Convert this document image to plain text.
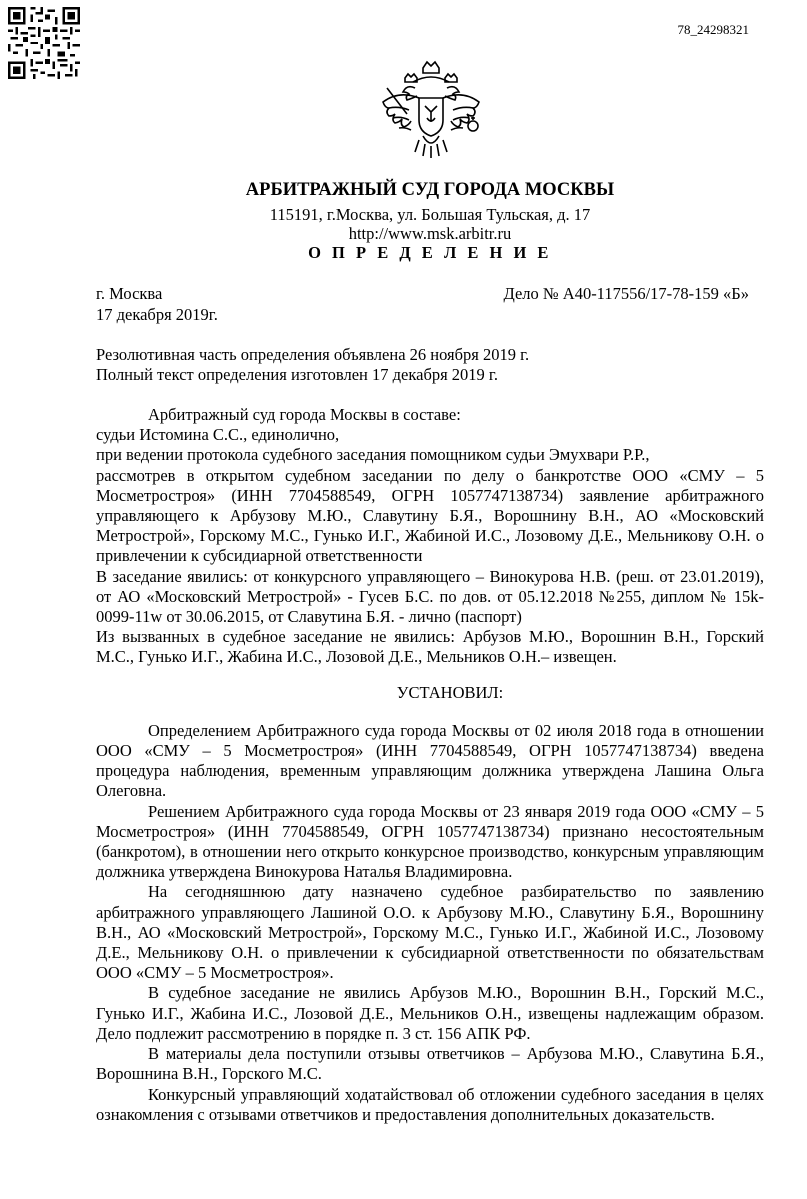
78_24298321
АРБИТРАЖНЫЙ СУД ГОРОДА МОСКВЫ
115191, г.Москва, ул. Большая Тульская, д. 17
http://www.msk.arbitr.ru
О П Р Е Д Е Л Е Н И Е
г. Москва	Дело № А40-117556/17-78-159 «Б»
17 декабря 2019г.

Резолютивная часть определения объявлена 26 ноября 2019 г.

Полный текст определения изготовлен 17 декабря 2019 г.

Арбитражный суд города Москвы в составе:

судьи Истомина С.С., единолично,

при ведении протокола судебного заседания помощником судьи Эмухвари Р.Р.,

рассмотрев в открытом судебном заседании по делу о банкротстве ООО «СМУ – 5 Мосметростроя» (ИНН 7704588549, ОГРН 1057747138734) заявление арбитражного управляющего к Арбузову М.Ю., Славутину Б.Я., Ворошнину В.Н., АО «Московский Метрострой», Горскому М.С., Гунько И.Г., Жабиной И.С., Лозовому Д.Е., Мельникову О.Н. о привлечении к субсидиарной ответственности

В заседание явились: от конкурсного управляющего – Винокурова Н.В. (реш. от 23.01.2019), от АО «Московский Метрострой» - Гусев Б.С. по дов. от 05.12.2018 №255, диплом № 15k-0099-11w от 30.06.2015, от Славутина Б.Я. - лично (паспорт)

Из вызванных в судебное заседание не явились: Арбузов М.Ю., Ворошнин В.Н., Горский М.С., Гунько И.Г., Жабина И.С., Лозовой Д.Е., Мельников О.Н.– извещен.

УСТАНОВИЛ:

Определением Арбитражного суда города Москвы от 02 июля 2018 года в отношении ООО «СМУ – 5 Мосметростроя» (ИНН 7704588549, ОГРН 1057747138734) введена процедура наблюдения, временным управляющим должника утверждена Лашина Ольга Олеговна.

Решением Арбитражного суда города Москвы от 23 января 2019 года ООО «СМУ – 5 Мосметростроя» (ИНН 7704588549, ОГРН 1057747138734) признано несостоятельным (банкротом), в отношении него открыто конкурсное производство, конкурсным управляющим должника утверждена Винокурова Наталья Владимировна.

На сегодняшнюю дату назначено судебное разбирательство по заявлению арбитражного управляющего Лашиной О.О. к Арбузову М.Ю., Славутину Б.Я., Ворошнину В.Н., АО «Московский Метрострой», Горскому М.С., Гунько И.Г., Жабиной И.С., Лозовому Д.Е., Мельникову О.Н. о привлечении к субсидиарной ответственности по обязательствам ООО «СМУ – 5 Мосметростроя».

В судебное заседание не явились Арбузов М.Ю., Ворошнин В.Н., Горский М.С., Гунько И.Г., Жабина И.С., Лозовой Д.Е., Мельников О.Н., извещены надлежащим образом. Дело подлежит рассмотрению в порядке п. 3 ст. 156 АПК РФ.

В материалы дела поступили отзывы ответчиков – Арбузова М.Ю., Славутина Б.Я., Ворошнина В.Н., Горского М.С.

Конкурсный управляющий ходатайствовал об отложении судебного заседания в целях ознакомления с отзывами ответчиков и предоставления дополнительных доказательств.
